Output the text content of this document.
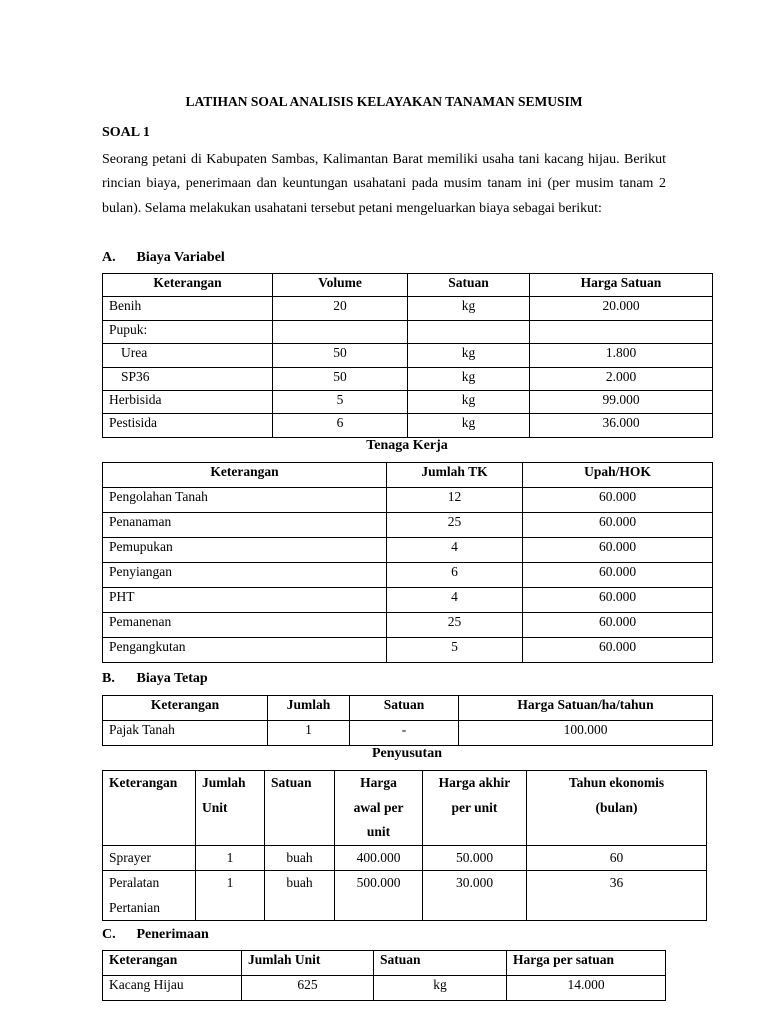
LATIHAN SOAL ANALISIS KELAYAKAN TANAMAN SEMUSIM
SOAL 1
Seorang petani di Kabupaten Sambas, Kalimantan Barat memiliki usaha tani kacang hijau. Berikut rincian biaya, penerimaan dan keuntungan usahatani pada musim tanam ini (per musim tanam 2 bulan). Selama melakukan usahatani tersebut petani mengeluarkan biaya sebagai berikut:
A. Biaya Variabel
Keterangan	Volume	Satuan	Harga Satuan
Benih	20	kg	20.000
Pupuk:			
Urea	50	kg	1.800
SP36	50	kg	2.000
Herbisida	5	kg	99.000
Pestisida	6	kg	36.000
Tenaga Kerja
Keterangan	Jumlah TK	Upah/HOK
Pengolahan Tanah	12	60.000
Penanaman	25	60.000
Pemupukan	4	60.000
Penyiangan	6	60.000
PHT	4	60.000
Pemanenan	25	60.000
Pengangkutan	5	60.000
B. Biaya Tetap
Keterangan	Jumlah	Satuan	Harga Satuan/ha/tahun
Pajak Tanah	1	-	100.000
Penyusutan
Keterangan	Jumlah Unit	Satuan	Harga awal per unit	Harga akhir per unit	Tahun ekonomis (bulan)
Sprayer	1	buah	400.000	50.000	60
Peralatan Pertanian	1	buah	500.000	30.000	36
C. Penerimaan
Keterangan	Jumlah Unit	Satuan	Harga per satuan
Kacang Hijau	625	kg	14.000
